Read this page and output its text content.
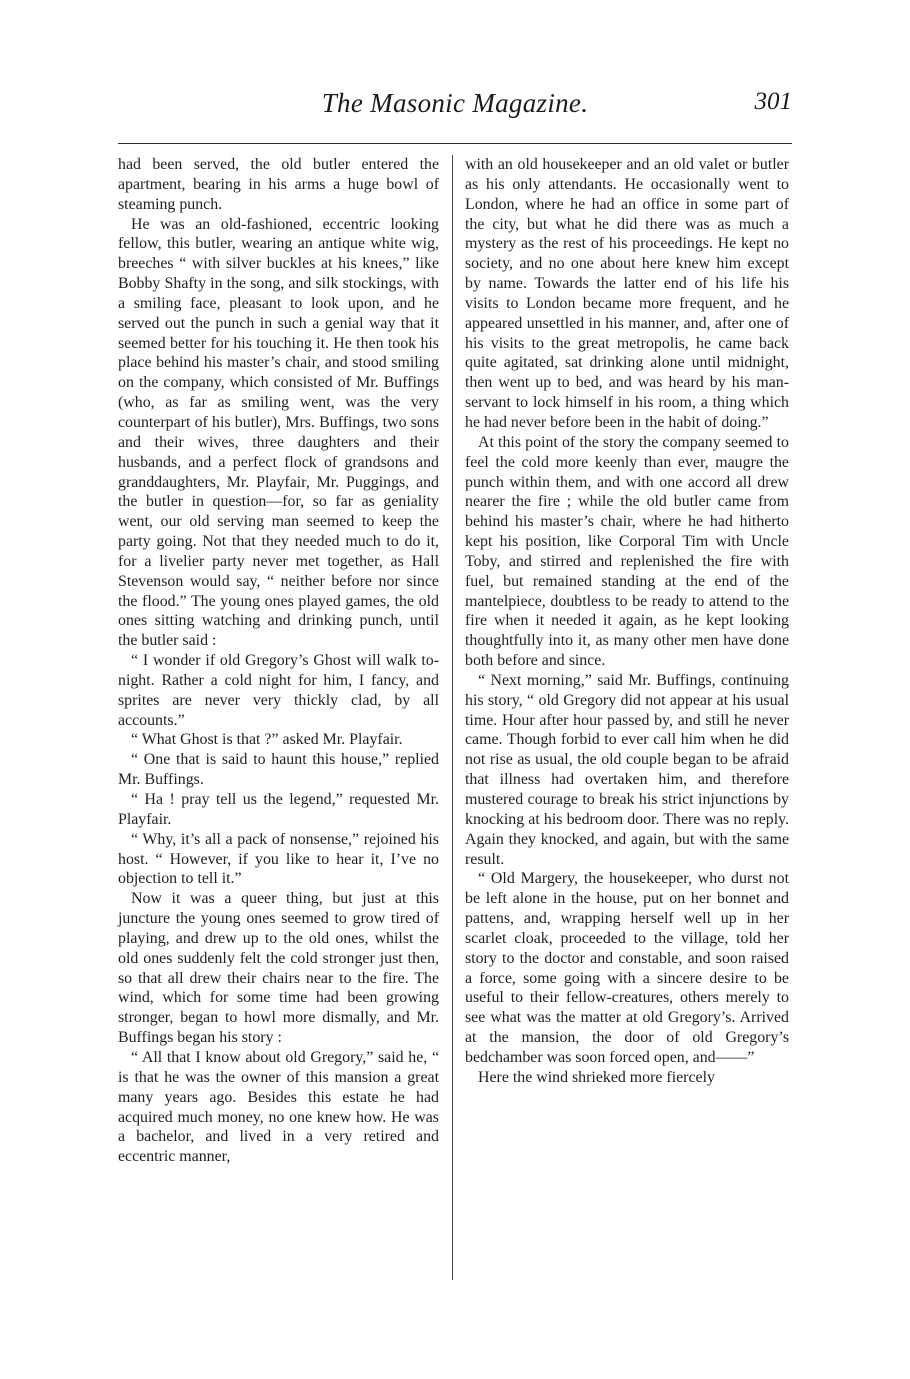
The Masonic Magazine.	301

had been served, the old butler entered the apartment, bearing in his arms a huge bowl of steaming punch.

He was an old-fashioned, eccentric looking fellow, this butler, wearing an antique white wig, breeches “ with silver buckles at his knees,” like Bobby Shafty in the song, and silk stockings, with a smiling face, pleasant to look upon, and he served out the punch in such a genial way that it seemed better for his touching it. He then took his place behind his master’s chair, and stood smiling on the company, which consisted of Mr. Buffings (who, as far as smiling went, was the very counterpart of his butler), Mrs. Buffings, two sons and their wives, three daughters and their husbands, and a perfect flock of grandsons and granddaughters, Mr. Playfair, Mr. Puggings, and the butler in question—for, so far as geniality went, our old serving man seemed to keep the party going. Not that they needed much to do it, for a livelier party never met together, as Hall Stevenson would say, “ neither before nor since the flood.” The young ones played games, the old ones sitting watching and drinking punch, until the butler said :

“ I wonder if old Gregory’s Ghost will walk to-night. Rather a cold night for him, I fancy, and sprites are never very thickly clad, by all accounts.”

“ What Ghost is that ?” asked Mr. Playfair.

“ One that is said to haunt this house,” replied Mr. Buffings.

“ Ha ! pray tell us the legend,” requested Mr. Playfair.

“ Why, it’s all a pack of nonsense,” rejoined his host. “ However, if you like to hear it, I’ve no objection to tell it.”

Now it was a queer thing, but just at this juncture the young ones seemed to grow tired of playing, and drew up to the old ones, whilst the old ones suddenly felt the cold stronger just then, so that all drew their chairs near to the fire. The wind, which for some time had been growing stronger, began to howl more dismally, and Mr. Buffings began his story :

“ All that I know about old Gregory,” said he, “ is that he was the owner of this mansion a great many years ago. Besides this estate he had acquired much money, no one knew how. He was a bachelor, and lived in a very retired and eccentric manner,

with an old housekeeper and an old valet or butler as his only attendants. He occasionally went to London, where he had an office in some part of the city, but what he did there was as much a mystery as the rest of his proceedings. He kept no society, and no one about here knew him except by name. Towards the latter end of his life his visits to London became more frequent, and he appeared unsettled in his manner, and, after one of his visits to the great metropolis, he came back quite agitated, sat drinking alone until midnight, then went up to bed, and was heard by his man-servant to lock himself in his room, a thing which he had never before been in the habit of doing.”

At this point of the story the company seemed to feel the cold more keenly than ever, maugre the punch within them, and with one accord all drew nearer the fire ; while the old butler came from behind his master’s chair, where he had hitherto kept his position, like Corporal Tim with Uncle Toby, and stirred and replenished the fire with fuel, but remained standing at the end of the mantelpiece, doubtless to be ready to attend to the fire when it needed it again, as he kept looking thoughtfully into it, as many other men have done both before and since.

“ Next morning,” said Mr. Buffings, continuing his story, “ old Gregory did not appear at his usual time. Hour after hour passed by, and still he never came. Though forbid to ever call him when he did not rise as usual, the old couple began to be afraid that illness had overtaken him, and therefore mustered courage to break his strict injunctions by knocking at his bedroom door. There was no reply. Again they knocked, and again, but with the same result.

“ Old Margery, the housekeeper, who durst not be left alone in the house, put on her bonnet and pattens, and, wrapping herself well up in her scarlet cloak, proceeded to the village, told her story to the doctor and constable, and soon raised a force, some going with a sincere desire to be useful to their fellow-creatures, others merely to see what was the matter at old Gregory’s. Arrived at the mansion, the door of old Gregory’s bedchamber was soon forced open, and——”

Here the wind shrieked more fiercely
